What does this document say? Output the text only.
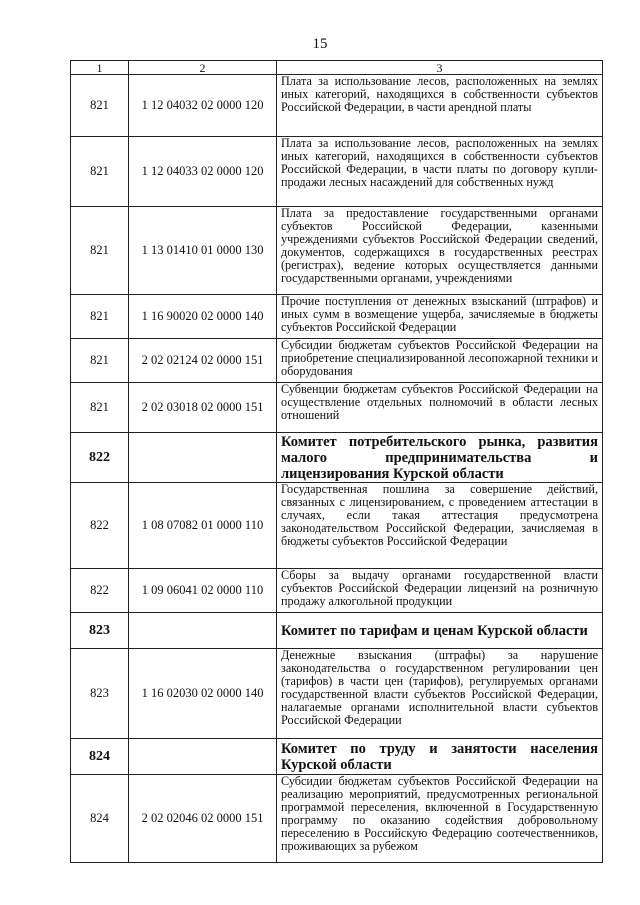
15
1	2	3
821	1 12 04032 02 0000 120	Плата за использование лесов, расположенных на землях иных категорий, находящихся в собственности субъектов Российской Федерации, в части арендной платы
821	1 12 04033 02 0000 120	Плата за использование лесов, расположенных на землях иных категорий, находящихся в собственности субъектов Российской Федерации, в части платы по договору купли-продажи лесных насаждений для собственных нужд
821	1 13 01410 01 0000 130	Плата за предоставление государственными органами субъектов Российской Федерации, казенными учреждениями субъектов Российской Федерации сведений, документов, содержащихся в государственных реестрах (регистрах), ведение которых осуществляется данными государственными органами, учреждениями
821	1 16 90020 02 0000 140	Прочие поступления от денежных взысканий (штрафов) и иных сумм в возмещение ущерба, зачисляемые в бюджеты субъектов Российской Федерации
821	2 02 02124 02 0000 151	Субсидии бюджетам субъектов Российской Федерации на приобретение специализированной лесопожарной техники и оборудования
821	2 02 03018 02 0000 151	Субвенции бюджетам субъектов Российской Федерации на осуществление отдельных полномочий в области лесных отношений
822		Комитет потребительского рынка, развития малого предпринимательства и лицензирования Курской области
822	1 08 07082 01 0000 110	Государственная пошлина за совершение действий, связанных с лицензированием, с проведением аттестации в случаях, если такая аттестация предусмотрена законодательством Российской Федерации, зачисляемая в бюджеты субъектов Российской Федерации
822	1 09 06041 02 0000 110	Сборы за выдачу органами государственной власти субъектов Российской Федерации лицензий на розничную продажу алкогольной продукции
823		Комитет по тарифам и ценам Курской области
823	1 16 02030 02 0000 140	Денежные взыскания (штрафы) за нарушение законодательства о государственном регулировании цен (тарифов) в части цен (тарифов), регулируемых органами государственной власти субъектов Российской Федерации, налагаемые органами исполнительной власти субъектов Российской Федерации
824		Комитет по труду и занятости населения Курской области
824	2 02 02046 02 0000 151	Субсидии бюджетам субъектов Российской Федерации на реализацию мероприятий, предусмотренных региональной программой переселения, включенной в Государственную программу по оказанию содействия добровольному переселению в Российскую Федерацию соотечественников, проживающих за рубежом
